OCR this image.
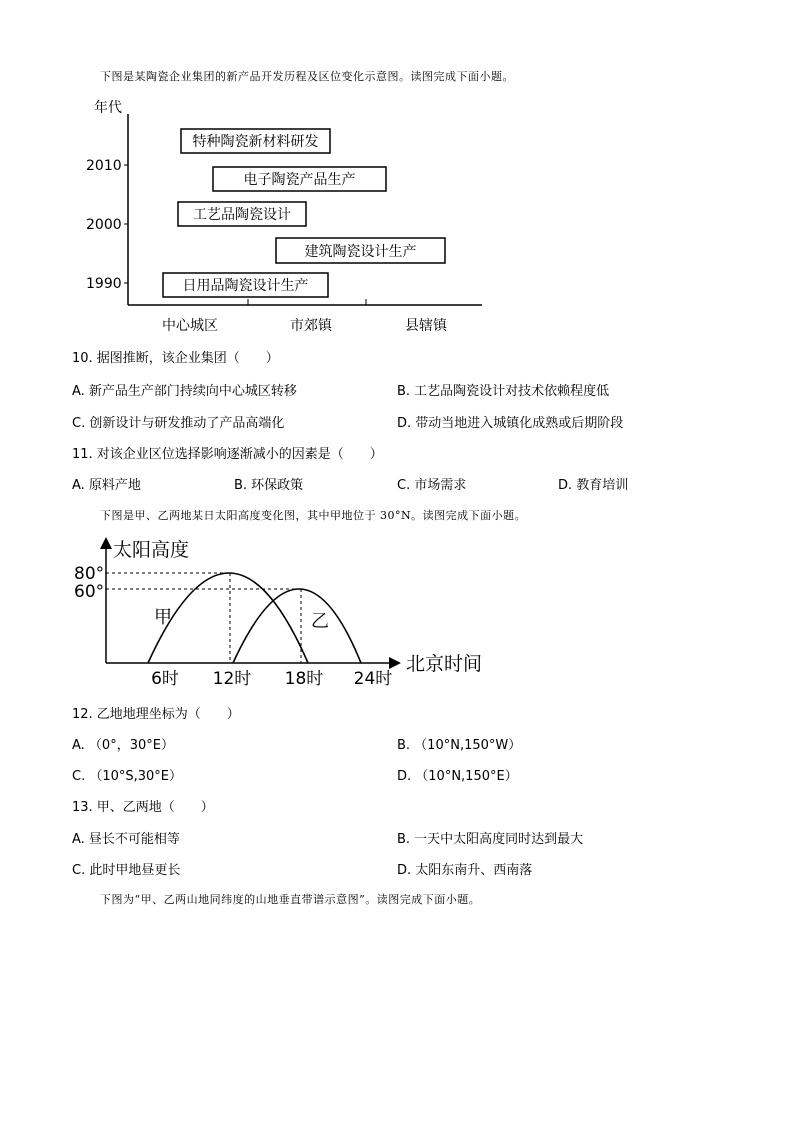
下图是某陶瓷企业集团的新产品开发历程及区位变化示意图。读图完成下面小题。
年代
2010
2000
1990
特种陶瓷新材料研发
电子陶瓷产品生产
工艺品陶瓷设计
建筑陶瓷设计生产
日用品陶瓷设计生产
中心城区	市郊镇	县辖镇
10. 据图推断，该企业集团（　　）
A. 新产品生产部门持续向中心城区转移	B. 工艺品陶瓷设计对技术依赖程度低
C. 创新设计与研发推动了产品高端化	D. 带动当地进入城镇化成熟或后期阶段
11. 对该企业区位选择影响逐渐减小的因素是（　　）
A. 原料产地	B. 环保政策	C. 市场需求	D. 教育培训
下图是甲、乙两地某日太阳高度变化图，其中甲地位于 30°N。读图完成下面小题。
太阳高度
北京时间
80°
60°
甲	乙
6时 12时 18时 24时
12. 乙地地理坐标为（　　）
A. （0°，30°E）	B. （10°N,150°W）
C. （10°S,30°E）	D. （10°N,150°E）
13. 甲、乙两地（　　）
A. 昼长不可能相等	B. 一天中太阳高度同时达到最大
C. 此时甲地昼更长	D. 太阳东南升、西南落
下图为“甲、乙两山地同纬度的山地垂直带谱示意图”。读图完成下面小题。
